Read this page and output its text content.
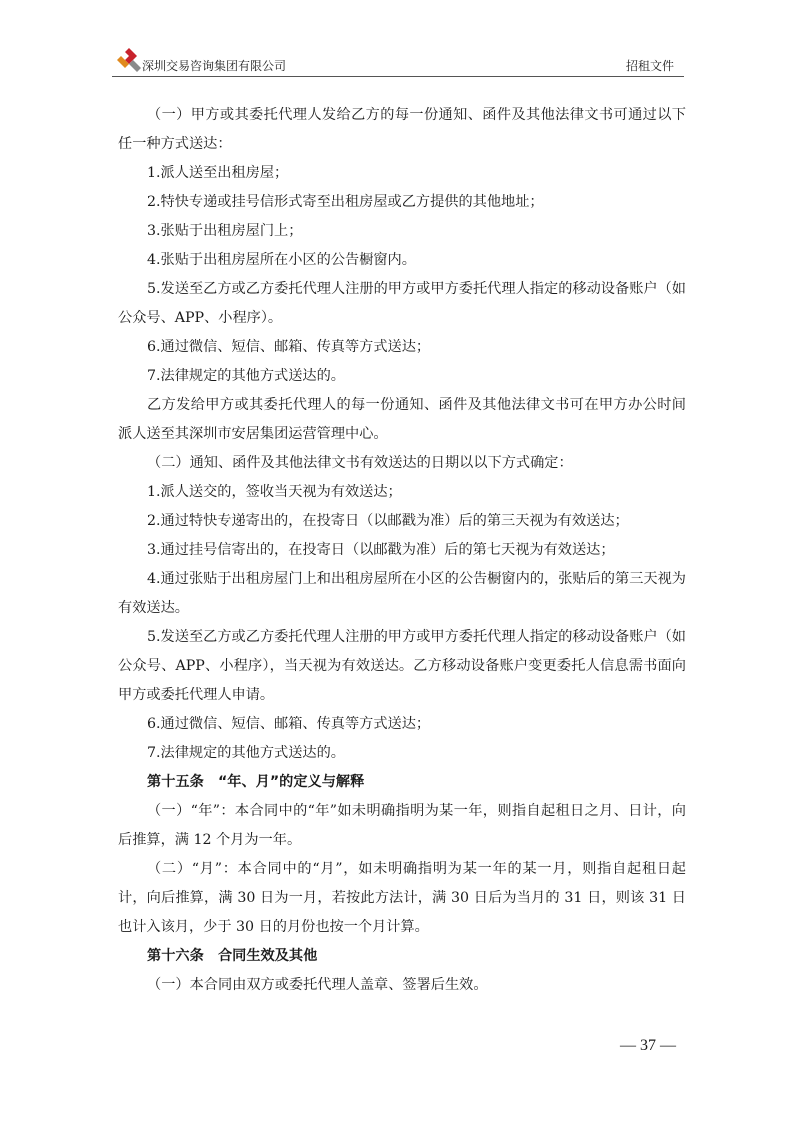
深圳交易咨询集团有限公司	招租文件

（一）甲方或其委托代理人发给乙方的每一份通知、函件及其他法律文书可通过以下任一种方式送达：

1.派人送至出租房屋；

2.特快专递或挂号信形式寄至出租房屋或乙方提供的其他地址；

3.张贴于出租房屋门上；

4.张贴于出租房屋所在小区的公告橱窗内。

5.发送至乙方或乙方委托代理人注册的甲方或甲方委托代理人指定的移动设备账户（如公众号、APP、小程序）。

6.通过微信、短信、邮箱、传真等方式送达；

7.法律规定的其他方式送达的。

乙方发给甲方或其委托代理人的每一份通知、函件及其他法律文书可在甲方办公时间派人送至其深圳市安居集团运营管理中心。

（二）通知、函件及其他法律文书有效送达的日期以以下方式确定：

1.派人送交的，签收当天视为有效送达；

2.通过特快专递寄出的，在投寄日（以邮戳为准）后的第三天视为有效送达；

3.通过挂号信寄出的，在投寄日（以邮戳为准）后的第七天视为有效送达；

4.通过张贴于出租房屋门上和出租房屋所在小区的公告橱窗内的，张贴后的第三天视为有效送达。

5.发送至乙方或乙方委托代理人注册的甲方或甲方委托代理人指定的移动设备账户（如公众号、APP、小程序），当天视为有效送达。乙方移动设备账户变更委托人信息需书面向甲方或委托代理人申请。

6.通过微信、短信、邮箱、传真等方式送达；

7.法律规定的其他方式送达的。

第十五条　“年、月”的定义与解释

（一）“年”：本合同中的“年”如未明确指明为某一年，则指自起租日之月、日计，向后推算，满 12 个月为一年。

（二）“月”：本合同中的“月”，如未明确指明为某一年的某一月，则指自起租日起计，向后推算，满 30 日为一月，若按此方法计，满 30 日后为当月的 31 日，则该 31 日也计入该月，少于 30 日的月份也按一个月计算。

第十六条　合同生效及其他

（一）本合同由双方或委托代理人盖章、签署后生效。

— 37 —
